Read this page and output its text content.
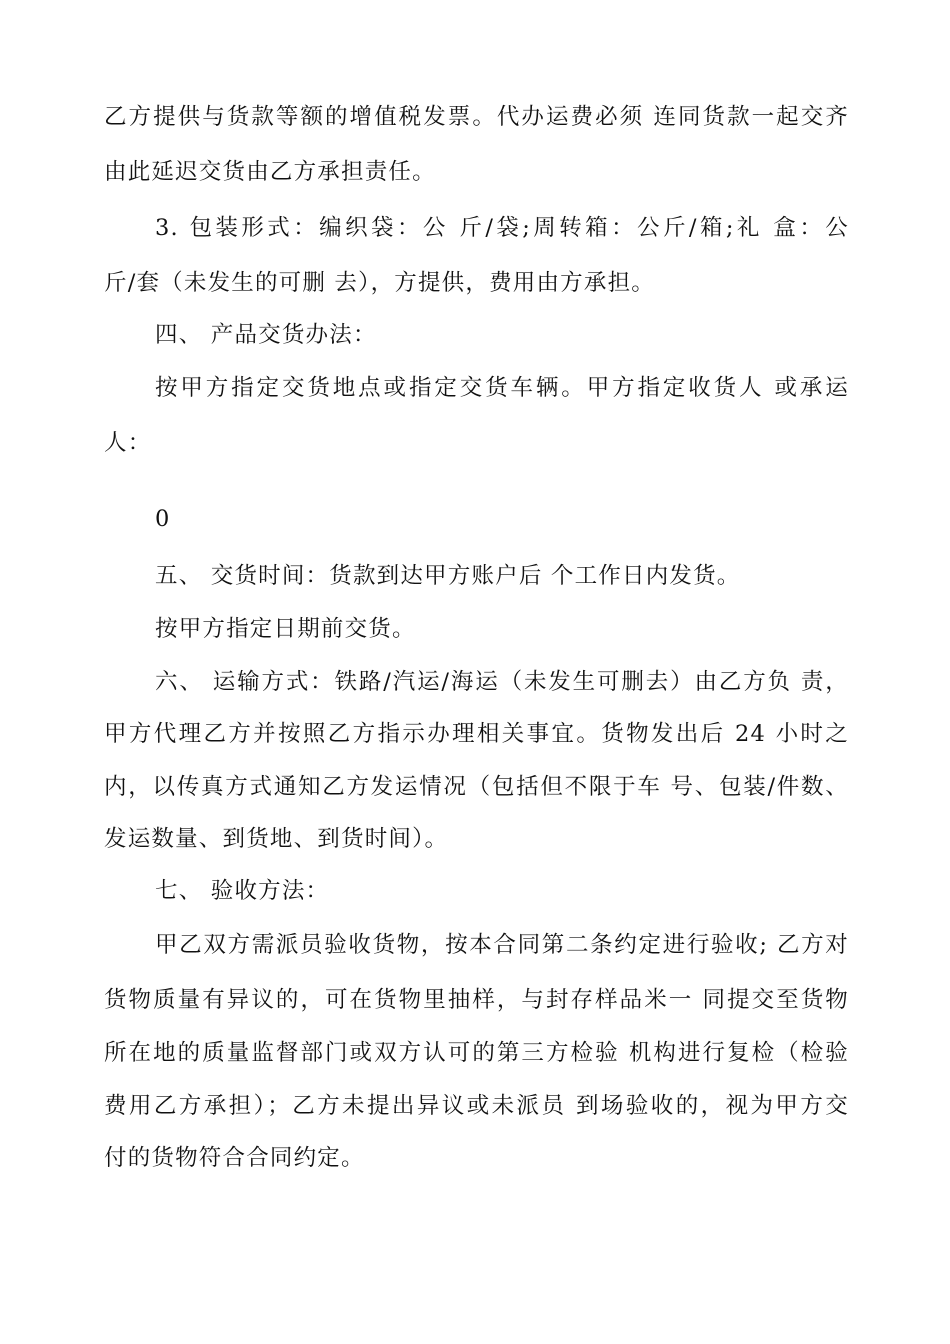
乙方提供与货款等额的增值税发票。代办运费必须 连同货款一起交齐

由此延迟交货由乙方承担责任。

3. 包装形式：编织袋：公 斤/袋;周转箱：公斤/箱;礼 盒：公

斤/套（未发生的可删 去），方提供，费用由方承担。

四、 产品交货办法：

按甲方指定交货地点或指定交货车辆。甲方指定收货人 或承运

人：

0

五、 交货时间：货款到达甲方账户后 个工作日内发货。

按甲方指定日期前交货。

六、 运输方式：铁路/汽运/海运（未发生可删去）由乙方负 责，

甲方代理乙方并按照乙方指示办理相关事宜。货物发出后 24 小时之

内，以传真方式通知乙方发运情况（包括但不限于车 号、包装/件数、

发运数量、到货地、到货时间）。

七、 验收方法：

甲乙双方需派员验收货物，按本合同第二条约定进行验收; 乙方对

货物质量有异议的，可在货物里抽样，与封存样品米一 同提交至货物

所在地的质量监督部门或双方认可的第三方检验 机构进行复检（检验

费用乙方承担）；乙方未提出异议或未派员 到场验收的，视为甲方交

付的货物符合合同约定。
